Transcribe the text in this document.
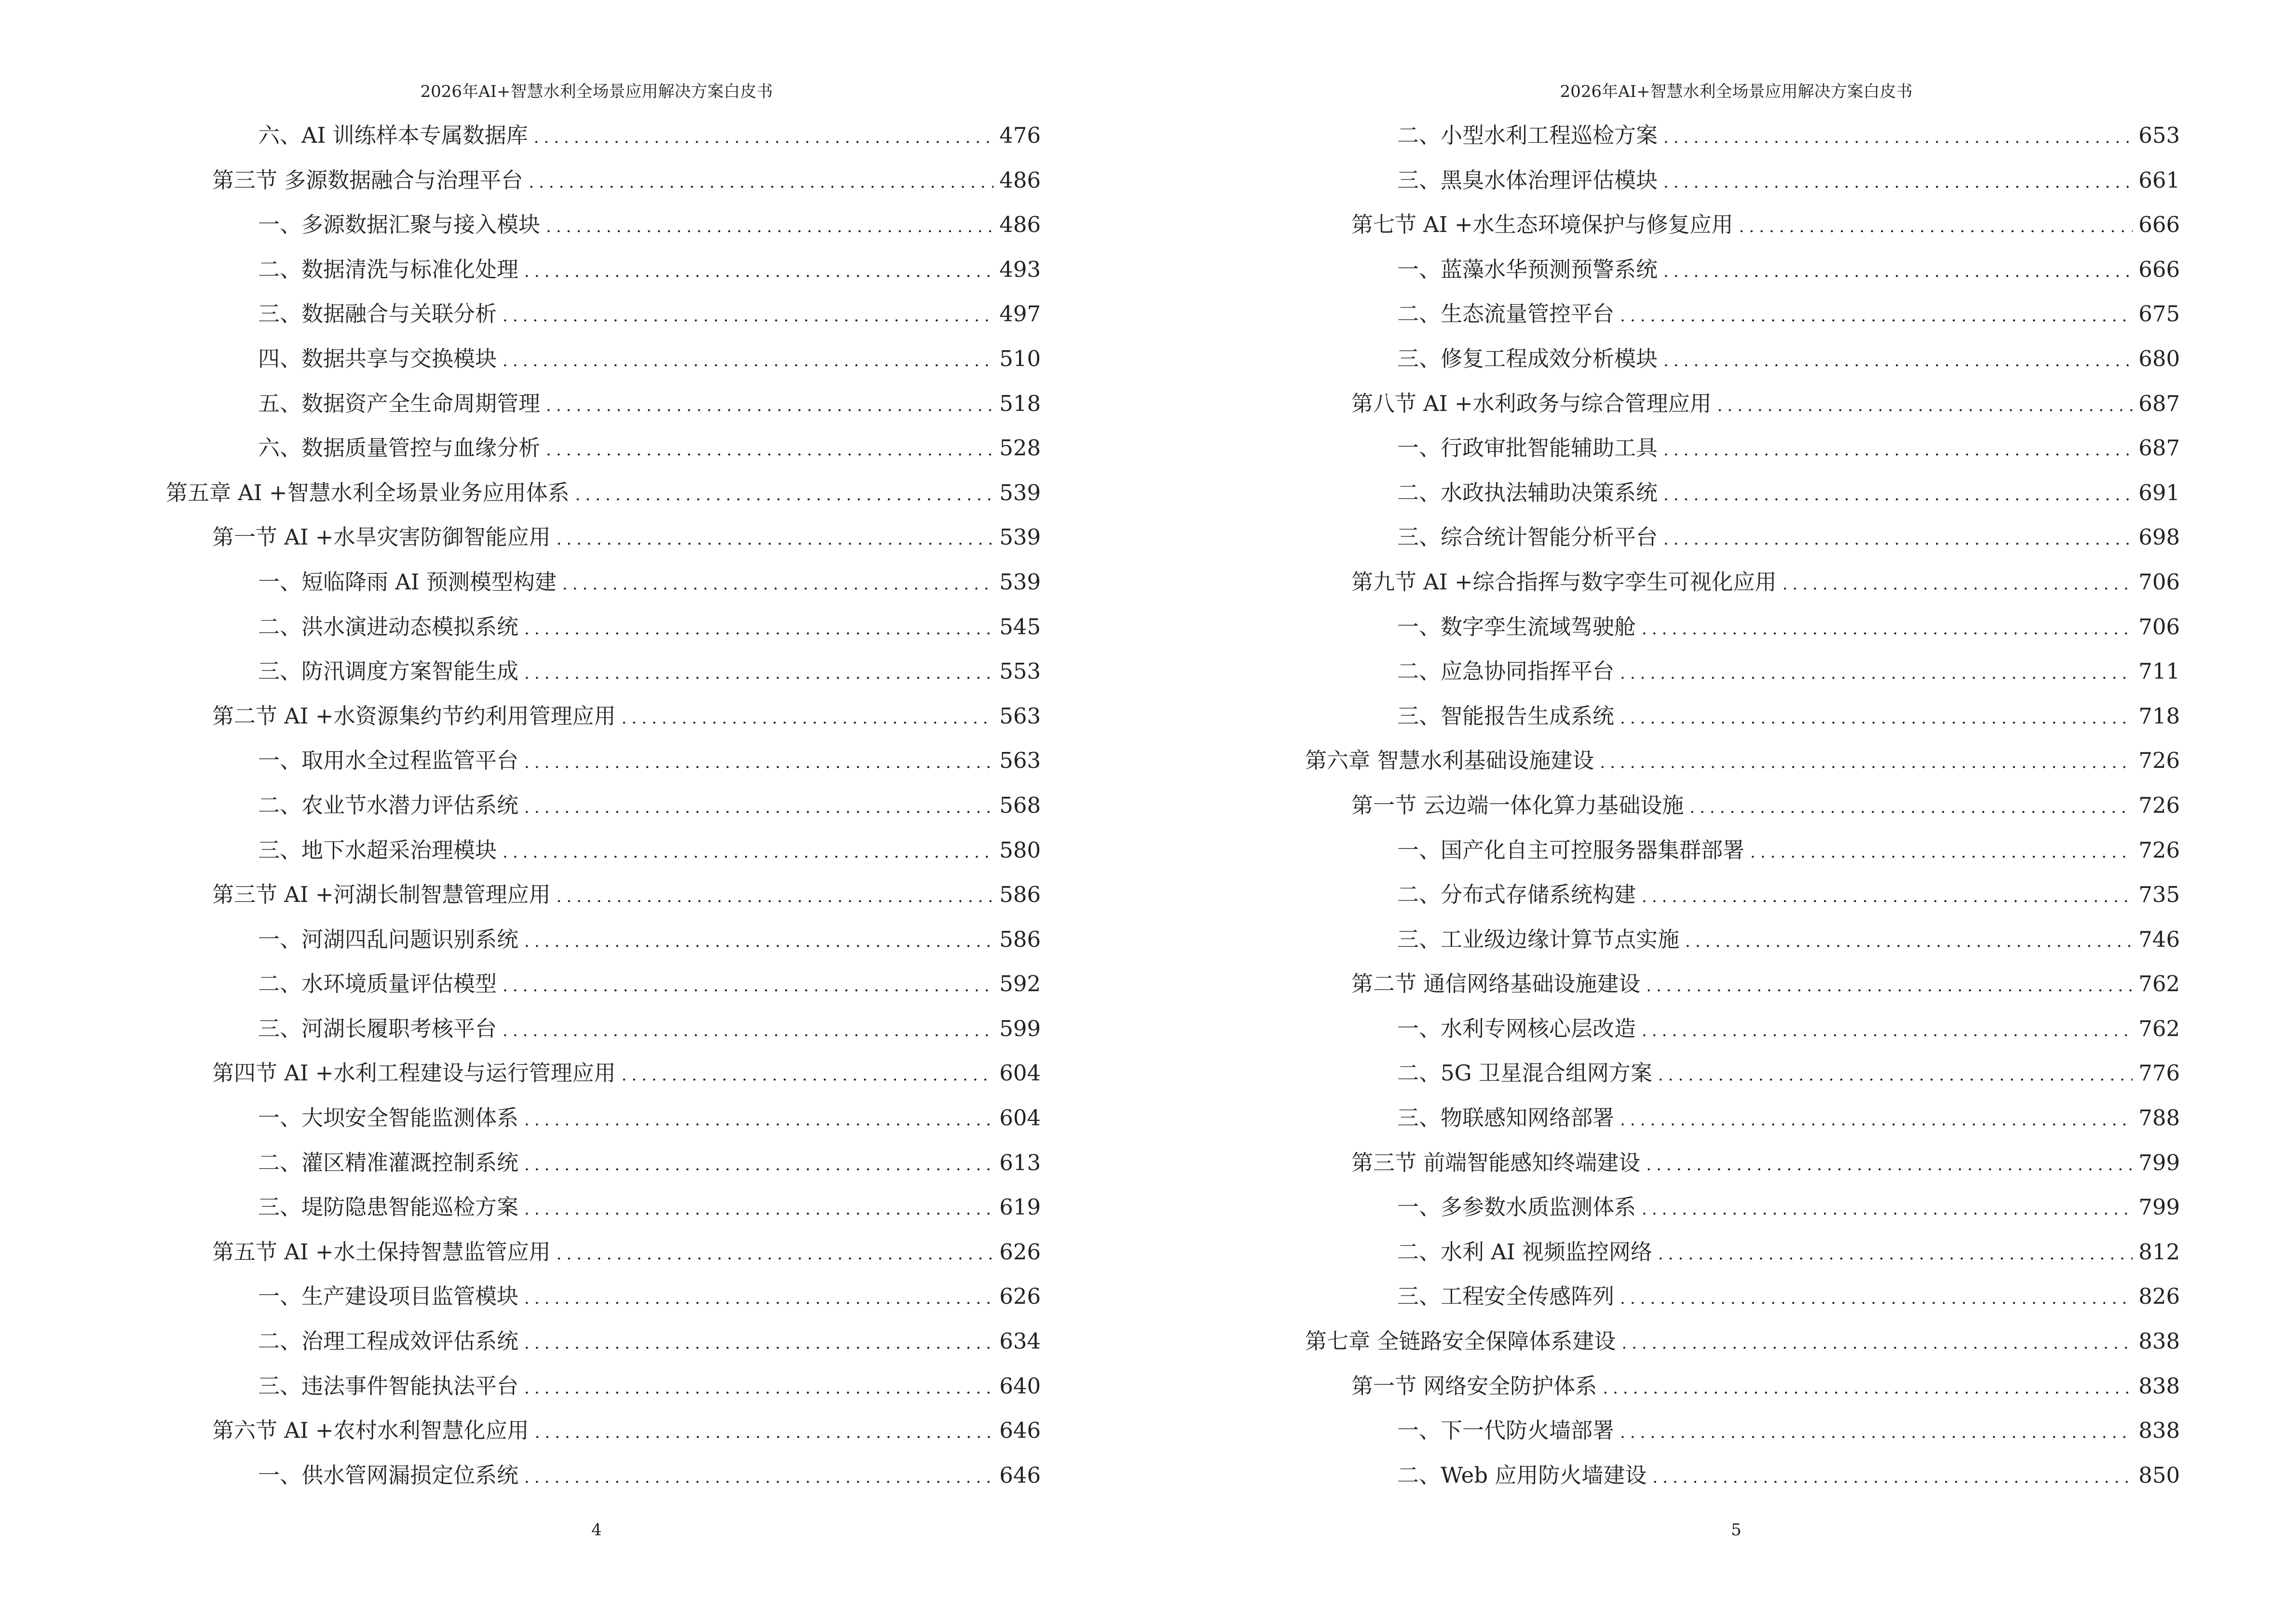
2026年AI+智慧水利全场景应用解决方案白皮书
六、AI 训练样本专属数据库 .....	476
第三节 多源数据融合与治理平台 .....	486
一、多源数据汇聚与接入模块 .....	486
二、数据清洗与标准化处理 .....	493
三、数据融合与关联分析 .....	497
四、数据共享与交换模块 .....	510
五、数据资产全生命周期管理 .....	518
六、数据质量管控与血缘分析 .....	528
第五章 AI +智慧水利全场景业务应用体系 .....	539
第一节 AI +水旱灾害防御智能应用 .....	539
一、短临降雨 AI 预测模型构建 .....	539
二、洪水演进动态模拟系统 .....	545
三、防汛调度方案智能生成 .....	553
第二节 AI +水资源集约节约利用管理应用 .....	563
一、取用水全过程监管平台 .....	563
二、农业节水潜力评估系统 .....	568
三、地下水超采治理模块 .....	580
第三节 AI +河湖长制智慧管理应用 .....	586
一、河湖四乱问题识别系统 .....	586
二、水环境质量评估模型 .....	592
三、河湖长履职考核平台 .....	599
第四节 AI +水利工程建设与运行管理应用 .....	604
一、大坝安全智能监测体系 .....	604
二、灌区精准灌溉控制系统 .....	613
三、堤防隐患智能巡检方案 .....	619
第五节 AI +水土保持智慧监管应用 .....	626
一、生产建设项目监管模块 .....	626
二、治理工程成效评估系统 .....	634
三、违法事件智能执法平台 .....	640
第六节 AI +农村水利智慧化应用 .....	646
一、供水管网漏损定位系统 .....	646
4
2026年AI+智慧水利全场景应用解决方案白皮书
二、小型水利工程巡检方案 .....	653
三、黑臭水体治理评估模块 .....	661
第七节 AI +水生态环境保护与修复应用 .....	666
一、蓝藻水华预测预警系统 .....	666
二、生态流量管控平台 .....	675
三、修复工程成效分析模块 .....	680
第八节 AI +水利政务与综合管理应用 .....	687
一、行政审批智能辅助工具 .....	687
二、水政执法辅助决策系统 .....	691
三、综合统计智能分析平台 .....	698
第九节 AI +综合指挥与数字孪生可视化应用 .....	706
一、数字孪生流域驾驶舱 .....	706
二、应急协同指挥平台 .....	711
三、智能报告生成系统 .....	718
第六章 智慧水利基础设施建设 .....	726
第一节 云边端一体化算力基础设施 .....	726
一、国产化自主可控服务器集群部署 .....	726
二、分布式存储系统构建 .....	735
三、工业级边缘计算节点实施 .....	746
第二节 通信网络基础设施建设 .....	762
一、水利专网核心层改造 .....	762
二、5G 卫星混合组网方案 .....	776
三、物联感知网络部署 .....	788
第三节 前端智能感知终端建设 .....	799
一、多参数水质监测体系 .....	799
二、水利 AI 视频监控网络 .....	812
三、工程安全传感阵列 .....	826
第七章 全链路安全保障体系建设 .....	838
第一节 网络安全防护体系 .....	838
一、下一代防火墙部署 .....	838
二、Web 应用防火墙建设 .....	850
5
